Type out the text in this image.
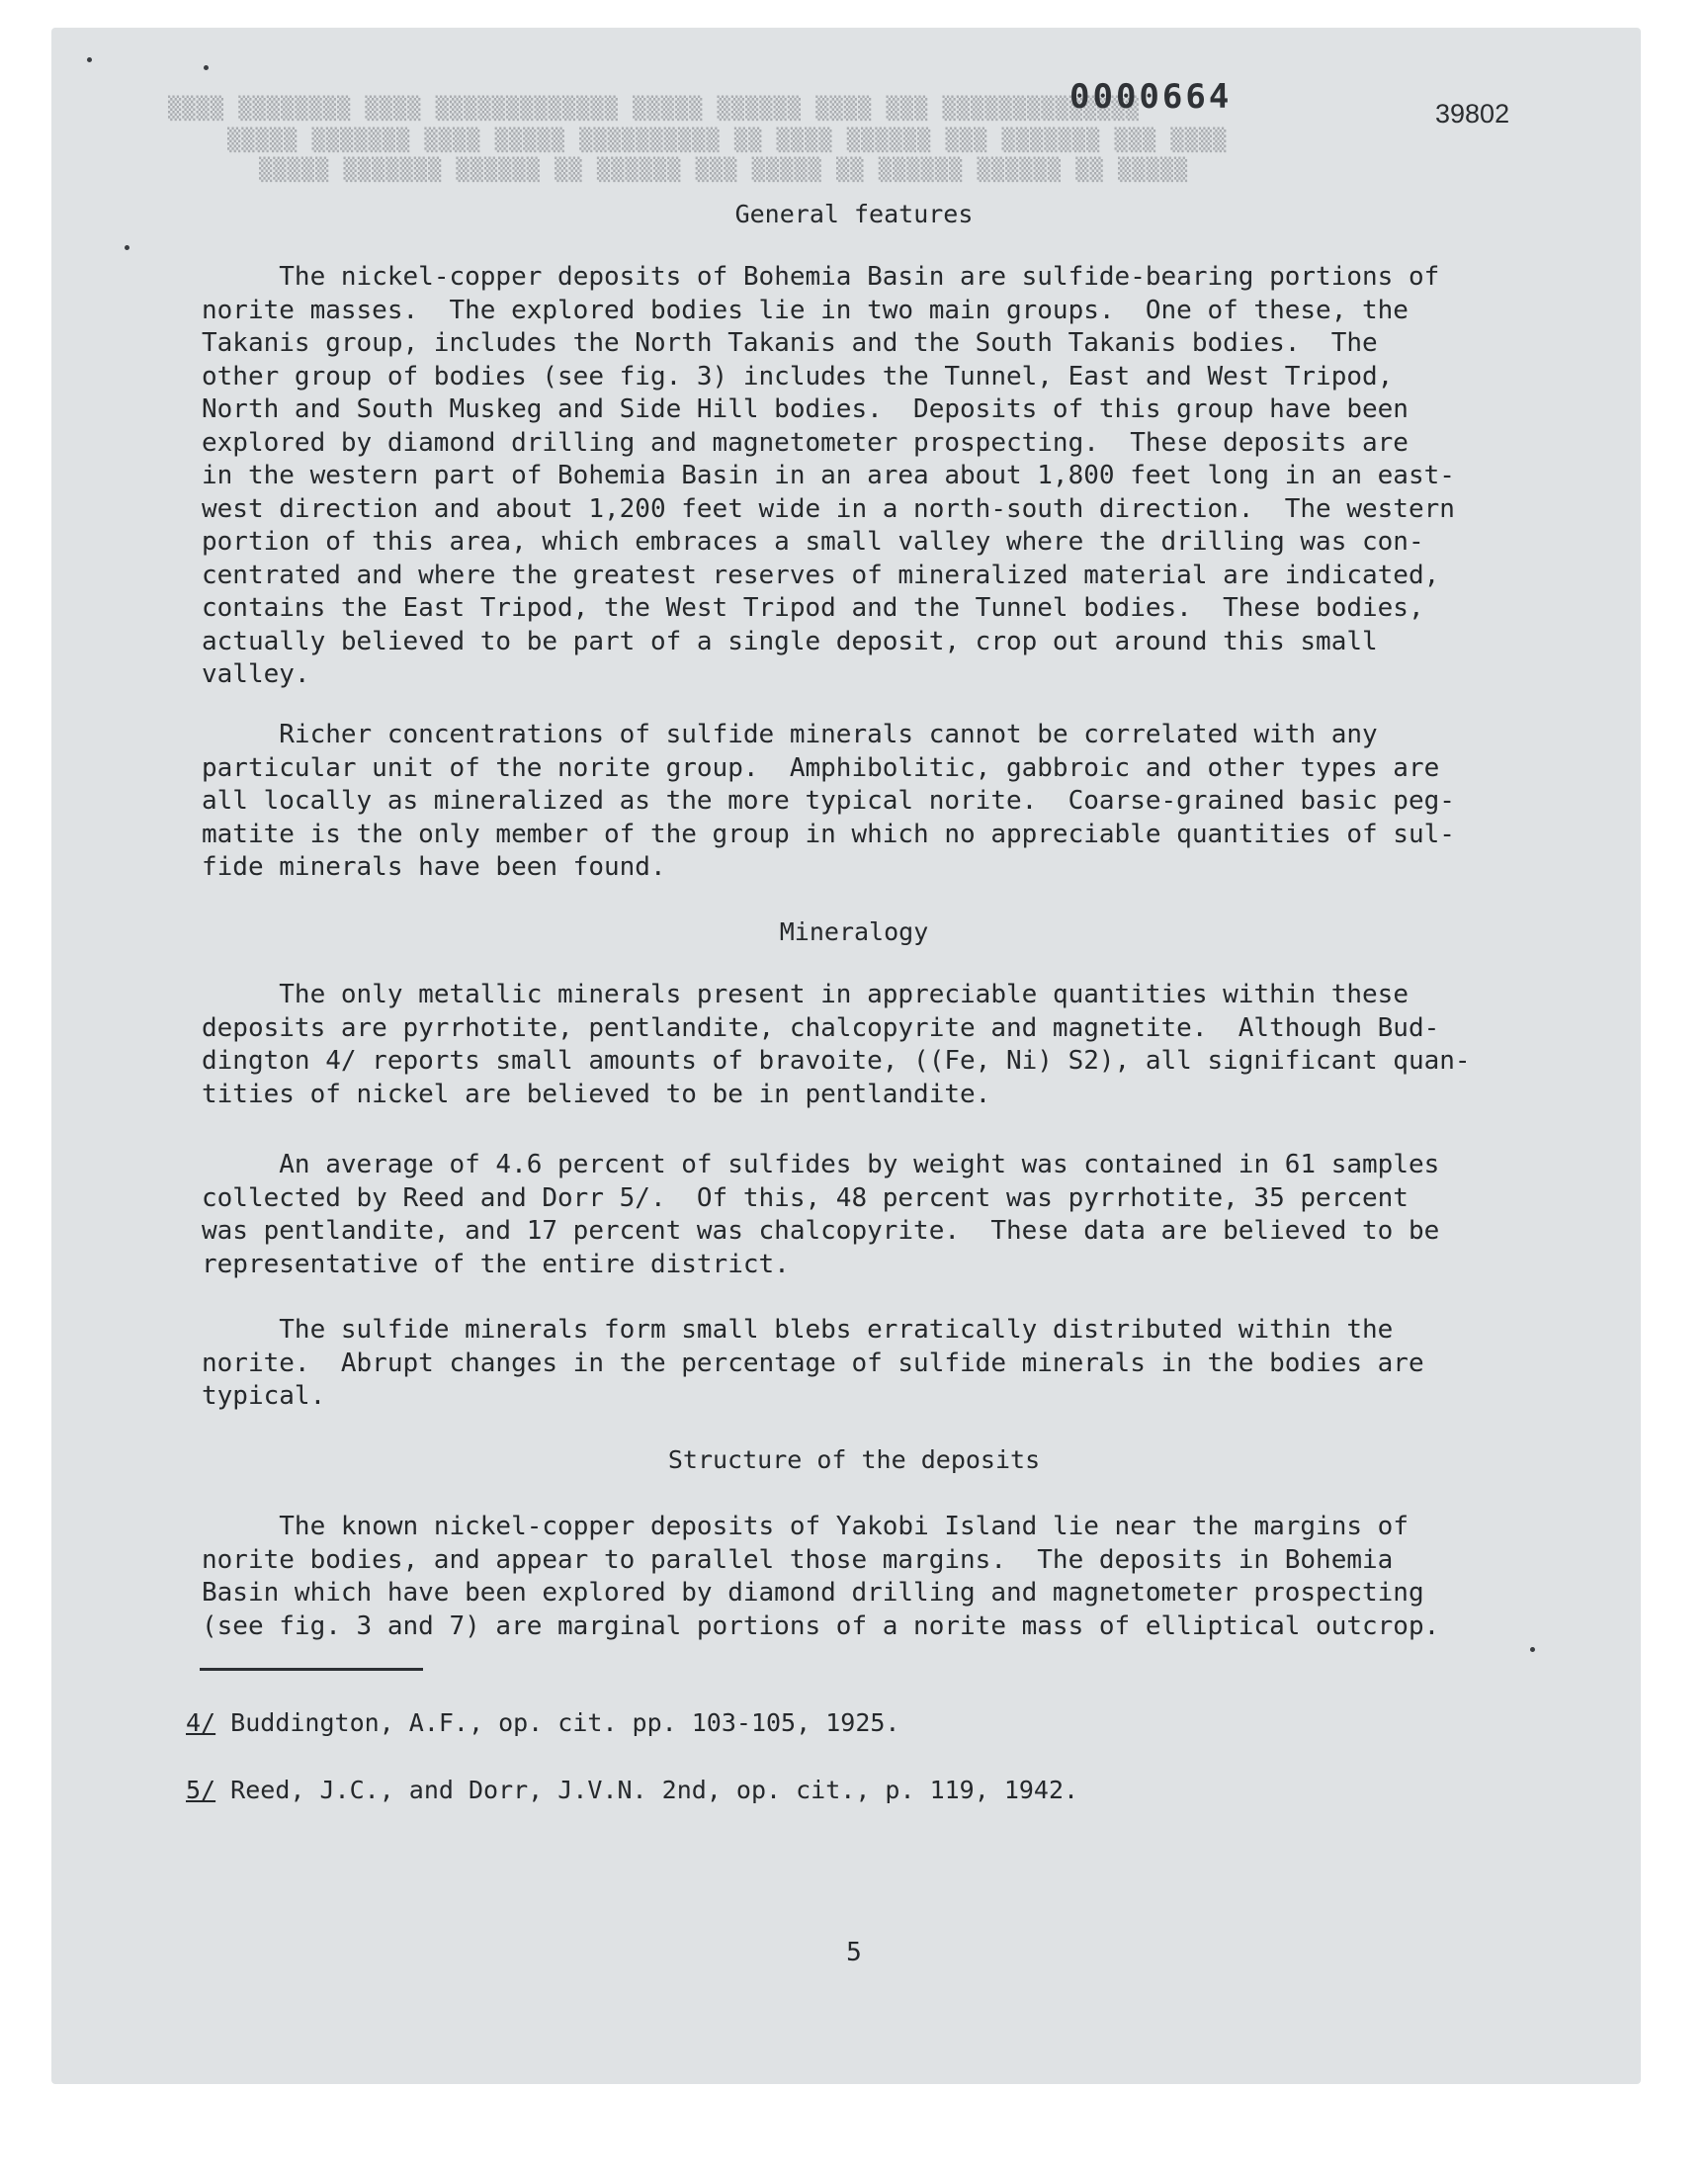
▒▒▒▒ ▒▒▒▒▒▒▒▒ ▒▒▒▒ ▒▒▒▒▒▒▒▒▒▒▒▒▒ ▒▒▒▒▒ ▒▒▒▒▒▒ ▒▒▒▒ ▒▒▒ ▒▒▒▒▒▒▒▒▒▒▒▒▒▒
▒▒▒▒▒ ▒▒▒▒▒▒▒ ▒▒▒▒ ▒▒▒▒▒ ▒▒▒▒▒▒▒▒▒▒ ▒▒ ▒▒▒▒ ▒▒▒▒▒▒ ▒▒▒ ▒▒▒▒▒▒▒ ▒▒▒ ▒▒▒▒
▒▒▒▒▒ ▒▒▒▒▒▒▒ ▒▒▒▒▒▒ ▒▒ ▒▒▒▒▒▒ ▒▒▒ ▒▒▒▒▒ ▒▒ ▒▒▒▒▒▒ ▒▒▒▒▒▒ ▒▒ ▒▒▒▒▒
0000664	39802
General features

The nickel-copper deposits of Bohemia Basin are sulfide-bearing portions of
norite masses.  The explored bodies lie in two main groups.  One of these, the
Takanis group, includes the North Takanis and the South Takanis bodies.  The
other group of bodies (see fig. 3) includes the Tunnel, East and West Tripod,
North and South Muskeg and Side Hill bodies.  Deposits of this group have been
explored by diamond drilling and magnetometer prospecting.  These deposits are
in the western part of Bohemia Basin in an area about 1,800 feet long in an east-
west direction and about 1,200 feet wide in a north-south direction.  The western
portion of this area, which embraces a small valley where the drilling was con-
centrated and where the greatest reserves of mineralized material are indicated,
contains the East Tripod, the West Tripod and the Tunnel bodies.  These bodies,
actually believed to be part of a single deposit, crop out around this small
valley.

Richer concentrations of sulfide minerals cannot be correlated with any
particular unit of the norite group.  Amphibolitic, gabbroic and other types are
all locally as mineralized as the more typical norite.  Coarse-grained basic peg-
matite is the only member of the group in which no appreciable quantities of sul-
fide minerals have been found.

Mineralogy

The only metallic minerals present in appreciable quantities within these
deposits are pyrrhotite, pentlandite, chalcopyrite and magnetite.  Although Bud-
dington 4/ reports small amounts of bravoite, ((Fe, Ni) S2), all significant quan-
tities of nickel are believed to be in pentlandite.

An average of 4.6 percent of sulfides by weight was contained in 61 samples
collected by Reed and Dorr 5/.  Of this, 48 percent was pyrrhotite, 35 percent
was pentlandite, and 17 percent was chalcopyrite.  These data are believed to be
representative of the entire district.

The sulfide minerals form small blebs erratically distributed within the
norite.  Abrupt changes in the percentage of sulfide minerals in the bodies are
typical.

Structure of the deposits

The known nickel-copper deposits of Yakobi Island lie near the margins of
norite bodies, and appear to parallel those margins.  The deposits in Bohemia
Basin which have been explored by diamond drilling and magnetometer prospecting
(see fig. 3 and 7) are marginal portions of a norite mass of elliptical outcrop.

4/ Buddington, A.F., op. cit. pp. 103-105, 1925.
5/ Reed, J.C., and Dorr, J.V.N. 2nd, op. cit., p. 119, 1942.
5
